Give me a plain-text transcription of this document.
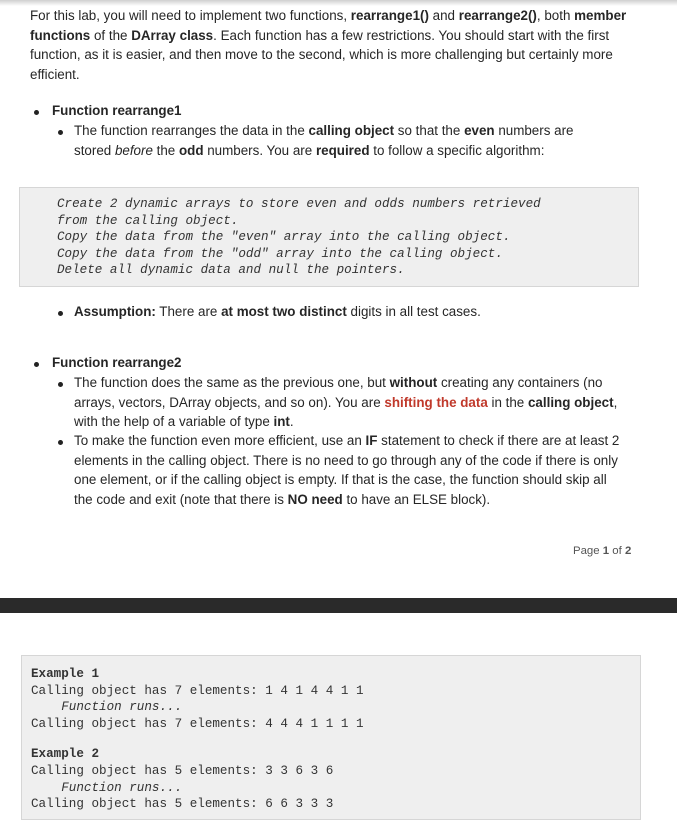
For this lab, you will need to implement two functions, rearrange1() and rearrange2(), both member functions of the DArray class. Each function has a few restrictions. You should start with the first function, as it is easier, and then move to the second, which is more challenging but certainly more efficient.

Function rearrange1
The function rearranges the data in the calling object so that the even numbers are stored before the odd numbers. You are required to follow a specific algorithm:
Create 2 dynamic arrays to store even and odds numbers retrieved
from the calling object.
Copy the data from the "even" array into the calling object.
Copy the data from the "odd" array into the calling object.
Delete all dynamic data and null the pointers.
Assumption: There are at most two distinct digits in all test cases.
Function rearrange2
The function does the same as the previous one, but without creating any containers (no arrays, vectors, DArray objects, and so on). You are shifting the data in the calling object, with the help of a variable of type int.
To make the function even more efficient, use an IF statement to check if there are at least 2 elements in the calling object. There is no need to go through any of the code if there is only one element, or if the calling object is empty. If that is the case, the function should skip all the code and exit (note that there is NO need to have an ELSE block).
Page 1 of 2
Example 1
Calling object has 7 elements: 1 4 1 4 4 1 1
Function runs...
Calling object has 7 elements: 4 4 4 1 1 1 1
Example 2
Calling object has 5 elements: 3 3 6 3 6
Function runs...
Calling object has 5 elements: 6 6 3 3 3
